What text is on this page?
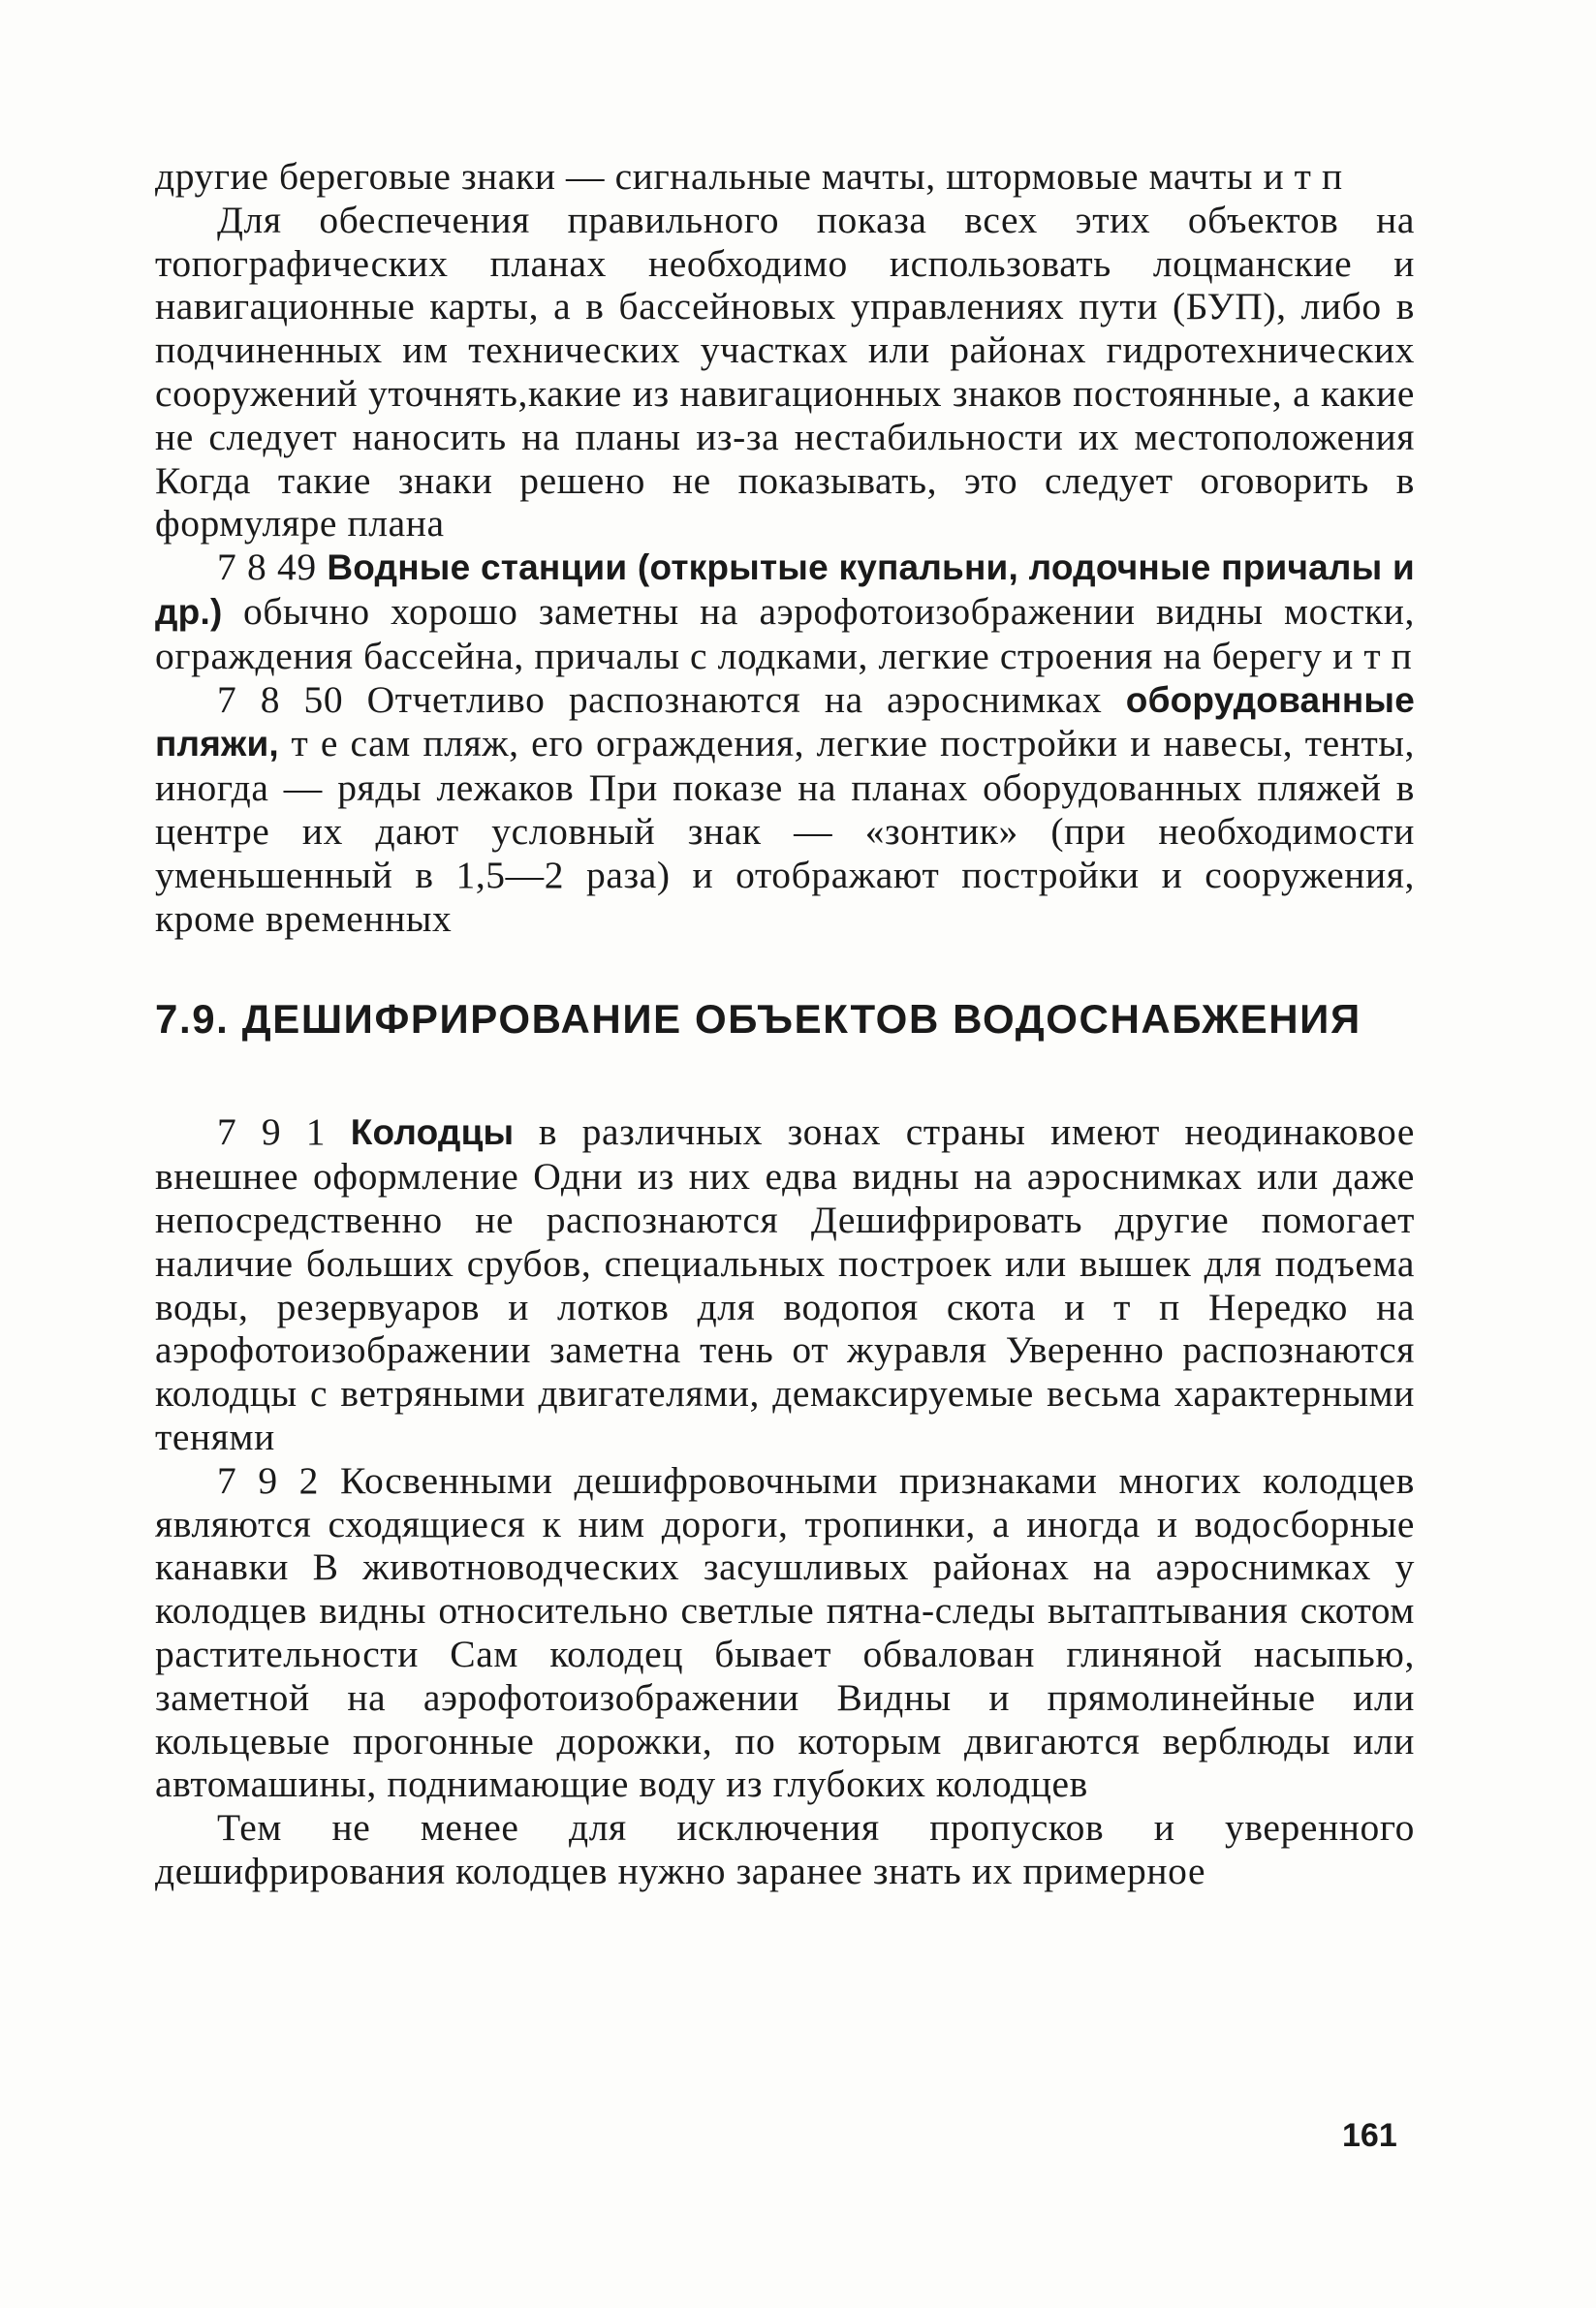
другие береговые знаки — сигнальные мачты, штормовые мачты и т п

Для обеспечения правильного показа всех этих объектов на топографических планах необходимо использовать лоцманские и навигационные карты, а в бассейновых управлениях пути (БУП), либо в подчиненных им технических участках или районах гидротехнических сооружений уточнять,какие из навигационных знаков постоянные, а какие не следует наносить на планы из-за нестабильности их местоположения Когда такие знаки решено не показывать, это следует оговорить в формуляре плана

7 8 49 Водные станции (открытые купальни, лодочные причалы и др.) обычно хорошо заметны на аэрофотоизображении видны мостки, ограждения бассейна, причалы с лодками, легкие строения на берегу и т п

7 8 50 Отчетливо распознаются на аэроснимках оборудованные пляжи, т е сам пляж, его ограждения, легкие постройки и навесы, тенты, иногда — ряды лежаков При показе на планах оборудованных пляжей в центре их дают условный знак — «зонтик» (при необходимости уменьшенный в 1,5—2 раза) и отображают постройки и сооружения, кроме временных

7.9. ДЕШИФРИРОВАНИЕ ОБЪЕКТОВ ВОДОСНАБЖЕНИЯ

7 9 1 Колодцы в различных зонах страны имеют неодинаковое внешнее оформление Одни из них едва видны на аэроснимках или даже непосредственно не распознаются Дешифрировать другие помогает наличие больших срубов, специальных построек или вышек для подъема воды, резервуаров и лотков для водопоя скота и т п Нередко на аэрофотоизображении заметна тень от журавля Уверенно распознаются колодцы с ветряными двигателями, демаксируемые весьма характерными тенями

7 9 2 Косвенными дешифровочными признаками многих колодцев являются сходящиеся к ним дороги, тропинки, а иногда и водосборные канавки В животноводческих засушливых районах на аэроснимках у колодцев видны относительно светлые пятна-следы вытаптывания скотом растительности Сам колодец бывает обвалован глиняной насыпью, заметной на аэрофотоизображении Видны и прямолинейные или кольцевые прогонные дорожки, по которым двигаются верблюды или автомашины, поднимающие воду из глубоких колодцев

Тем не менее для исключения пропусков и уверенного дешифрирования колодцев нужно заранее знать их примерное

161
